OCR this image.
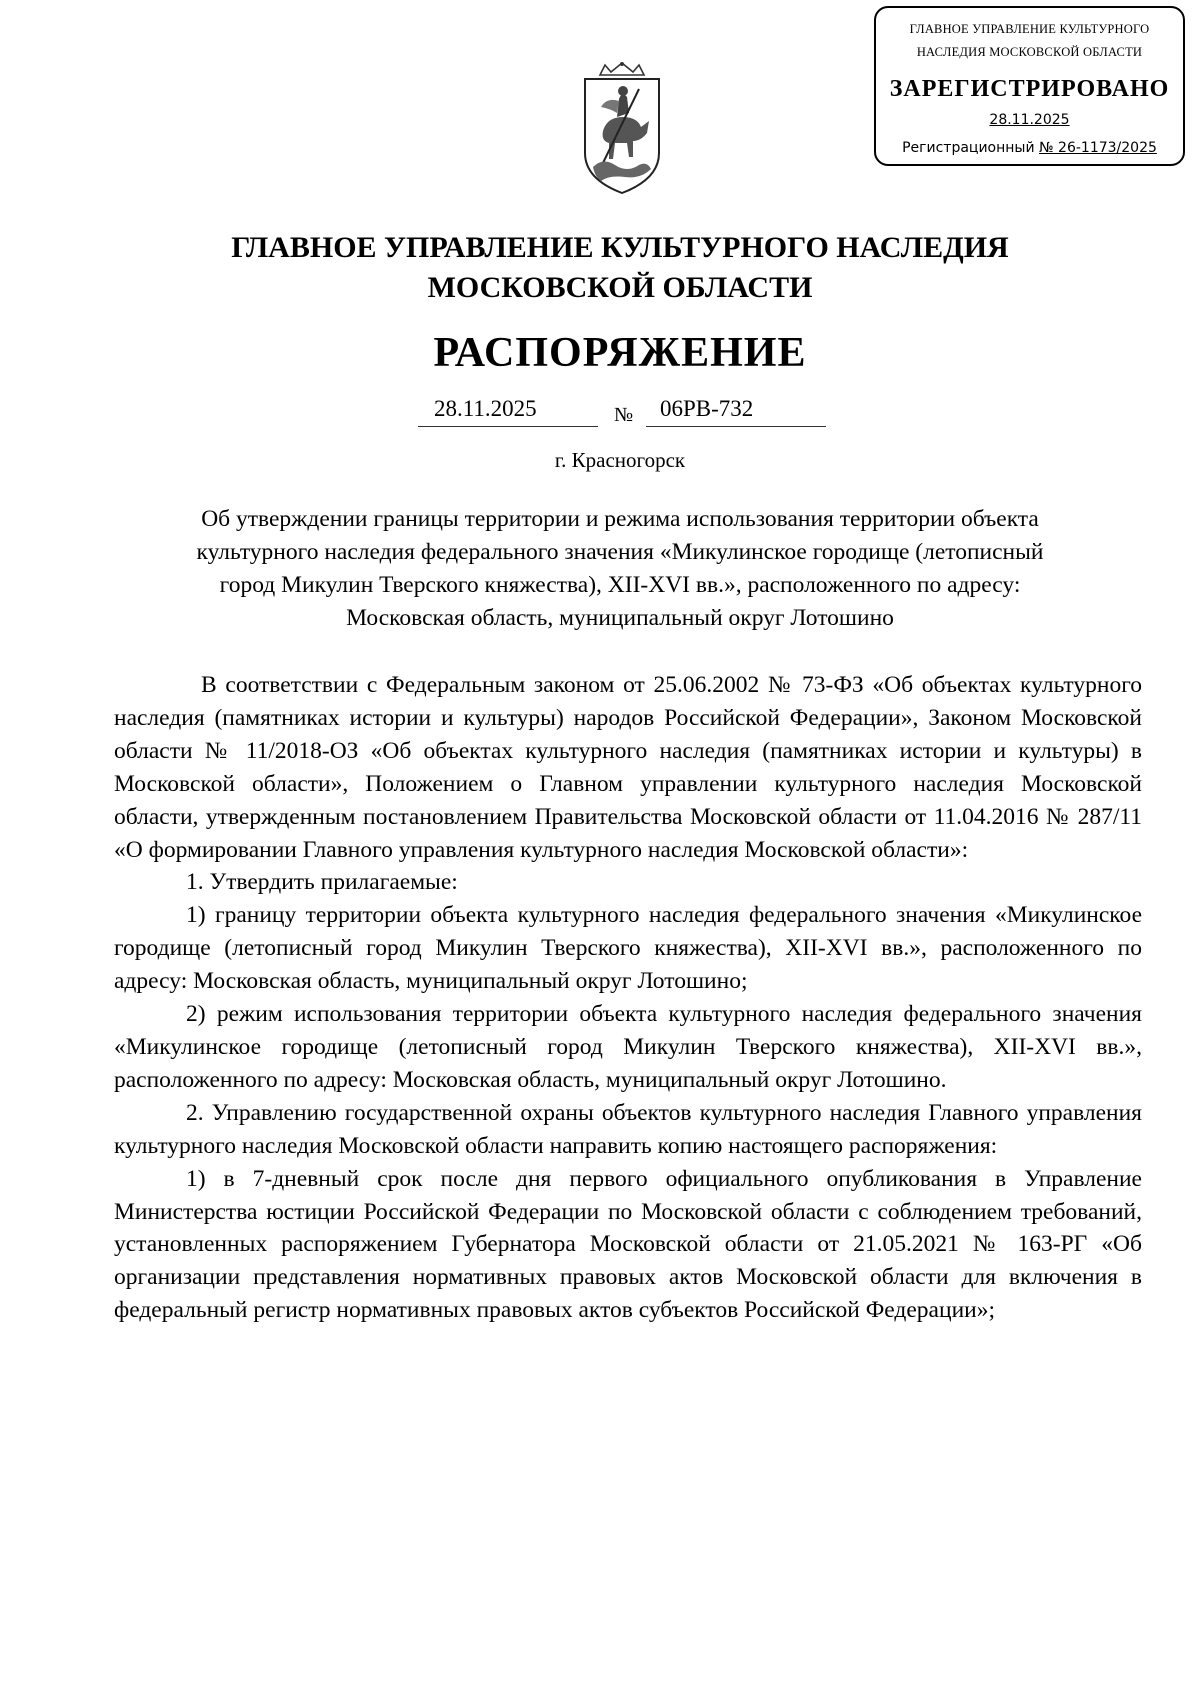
ГЛАВНОЕ УПРАВЛЕНИЕ КУЛЬТУРНОГО
НАСЛЕДИЯ МОСКОВСКОЙ ОБЛАСТИ
ЗАРЕГИСТРИРОВАНО
28.11.2025
Регистрационный № 26-1173/2025
ГЛАВНОЕ УПРАВЛЕНИЕ КУЛЬТУРНОГО НАСЛЕДИЯ
МОСКОВСКОЙ ОБЛАСТИ
РАСПОРЯЖЕНИЕ
28.11.2025	№	06РВ-732
г. Красногорск
Об утверждении границы территории и режима использования территории объекта
культурного наследия федерального значения «Микулинское городище (летописный
город Микулин Тверского княжества), XII-XVI вв.», расположенного по адресу:
Московская область, муниципальный округ Лотошино

В соответствии с Федеральным законом от 25.06.2002 № 73-ФЗ «Об объектах культурного наследия (памятниках истории и культуры) народов Российской Федерации», Законом Московской области № 11/2018-ОЗ «Об объектах культурного наследия (памятниках истории и культуры) в Московской области», Положением о Главном управлении культурного наследия Московской области, утвержденным постановлением Правительства Московской области от 11.04.2016 № 287/11 «О формировании Главного управления культурного наследия Московской области»:

1. Утвердить прилагаемые:

1) границу территории объекта культурного наследия федерального значения «Микулинское городище (летописный город Микулин Тверского княжества), XII-XVI вв.», расположенного по адресу: Московская область, муниципальный округ Лотошино;

2) режим использования территории объекта культурного наследия федерального значения «Микулинское городище (летописный город Микулин Тверского княжества), XII-XVI вв.», расположенного по адресу: Московская область, муниципальный округ Лотошино.

2. Управлению государственной охраны объектов культурного наследия Главного управления культурного наследия Московской области направить копию настоящего распоряжения:

1) в 7-дневный срок после дня первого официального опубликования в Управление Министерства юстиции Российской Федерации по Московской области с соблюдением требований, установленных распоряжением Губернатора Московской области от 21.05.2021 № 163-РГ «Об организации представления нормативных правовых актов Московской области для включения в федеральный регистр нормативных правовых актов субъектов Российской Федерации»;
